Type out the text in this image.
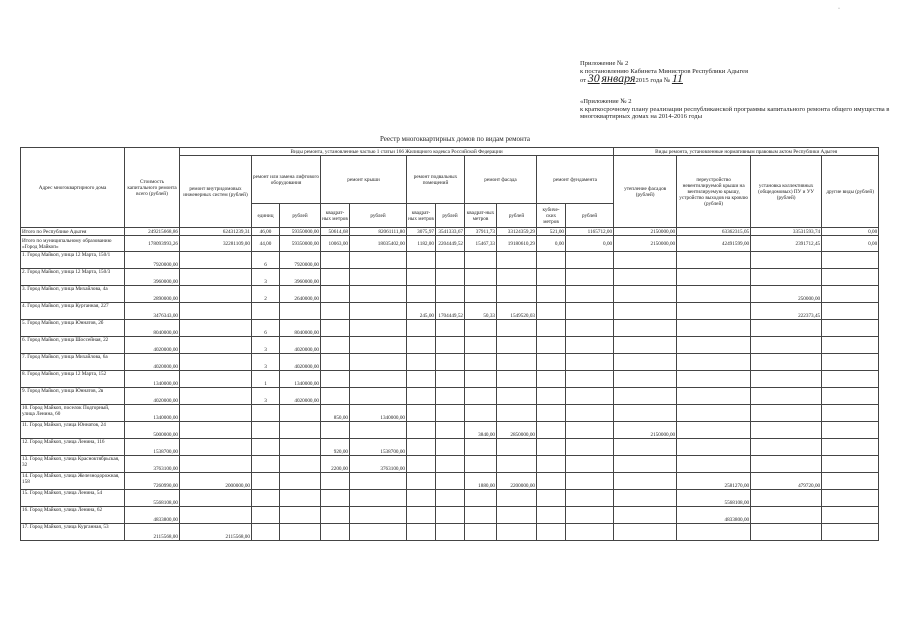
·
Приложение № 2
к постановлению Кабинета Министров Республики Адыгея
от 30 января2015 года № 11
«Приложение № 2
к краткосрочному плану реализации республиканской программы капитального ремонта общего имущества в многоквартирных домах на 2014-2016 годы
Реестр многоквартирных домов по видам ремонта
Адрес многоквартирного дома	Стоимость капитального ремонта всего (рублей)	Виды ремонта, установленные частью 1 статьи 166 Жилищного кодекса Российской Федерации											Виды ремонта, установленные нормативным правовым актом Республики Адыгея			
		ремонт внутридомовых инженерных систем (рублей)	ремонт или замена лифтового оборудования		ремонт крыши		ремонт подвальных помещений		ремонт фасада		ремонт фундамента		утепление фасадов (рублей)	переустройство невентилируемой крыши на вентилируемую крышу, устройство выходов на кровлю (рублей)	установка коллективных (общедомовых) ПУ и УУ (рублей)	другие виды (рублей)
			единиц	рублей	квадрат-ных метров	рублей	квадрат-ных метров	рублей	квадрат-ных метров	рублей	кубиче-ских метров	рублей				
Итого по Республике Адыгея	249215668,86	62431239,31	46,00	59350000,00	50614,68	82061111,80	3075,97	3541333,67	37911,73	33124359,29	521,00	1165712,00	2150000,00	63362315,05	33531593,74	0,00
Итого по муниципальному образованию «Город Майкоп»	178093993,26	32281109,00	44,00	59350000,00	10063,00	18035402,00	1182,00	2204449,52	15467,33	19180610,29	0,00	0,00	2150000,00	42491599,00	2391712,45	0,00
1. Город Майкоп, улица 12 Марта, 150/1	7920000,00		6	7920000,00												
2. Город Майкоп, улица 12 Марта, 150/3	3960000,00		3	3960000,00												
3. Город Майкоп, улица Михайлова, 4а	2890000,00		2	2640000,00											250000,00	
4. Город Майкоп, улица Курганная, 227	3476343,00						245,00	1704449,52	50,33	1549520,03					222373,45	
5. Город Майкоп, улица Юннатов, 2б	8040000,00		6	8040000,00												
6. Город Майкоп, улица Шоссейная, 22	4020000,00		3	4020000,00												
7. Город Майкоп, улица Михайлова, 6а	4020000,00		3	4020000,00												
8. Город Майкоп, улица 12 Марта, 152	1340000,00		1	1340000,00												
9. Город Майкоп, улица Юннатов, 2в	4020000,00		3	4020000,00												
10. Город Майкоп, поселок Подгорный, улица Ленина, 60	1340000,00				850,00	1340000,00										
11. Город Майкоп, улица Юннатов, 24	5000000,00								3840,00	2850000,00			2150000,00			
12. Город Майкоп, улица Ленина, 116	1538700,00				920,00	1538700,00										
13. Город Майкоп, улица Красноктябрьская, 32	3763100,00				2200,00	3763100,00										
14. Город Майкоп, улица Железнодорожная, 158	7260990,00	2000000,00							1880,00	2200000,00				2581270,00	479720,00	
15. Город Майкоп, улица Ленина, 54	5568108,00													5568108,00		
16. Город Майкоп, улица Ленина, 62	4833800,00													4833800,00		
17. Город Майкоп, улица Курганная, 53	2115568,00	2115568,00														
